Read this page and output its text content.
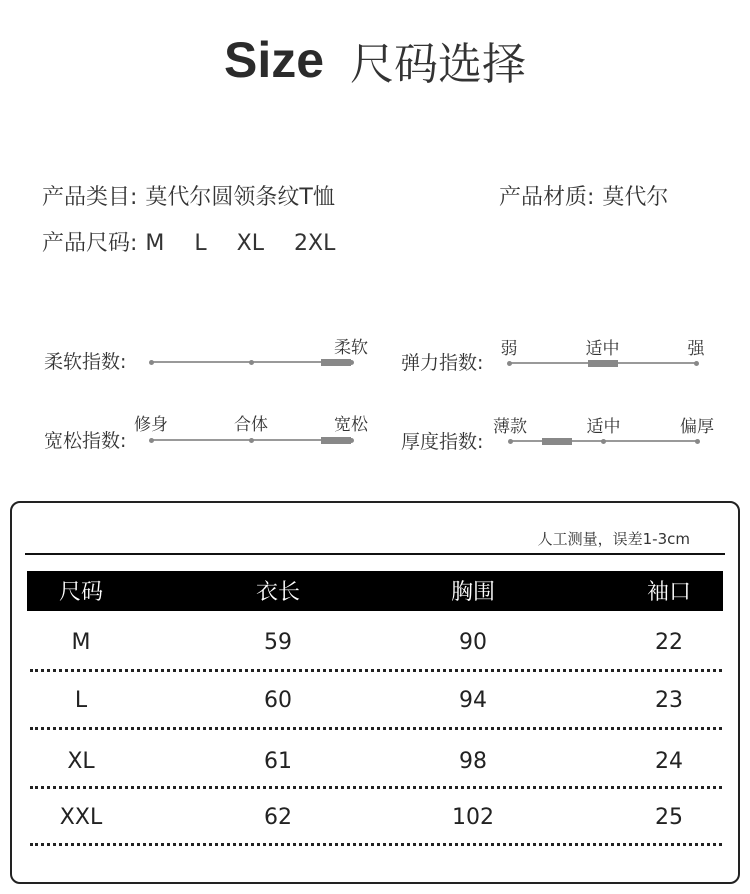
Size 尺码选择
产品类目: 莫代尔圆领条纹T恤	产品材质: 莫代尔
产品尺码: M L XL 2XL
柔软指数:	弹力指数:
宽松指数:	厚度指数:
柔软	弱	适中	强
修身	合体	宽松	薄款	适中	偏厚
人工测量，误差1-3cm
尺码	衣长	胸围	袖口
M	59	90	22
L	60	94	23
XL	61	98	24
XXL	62	102	25
